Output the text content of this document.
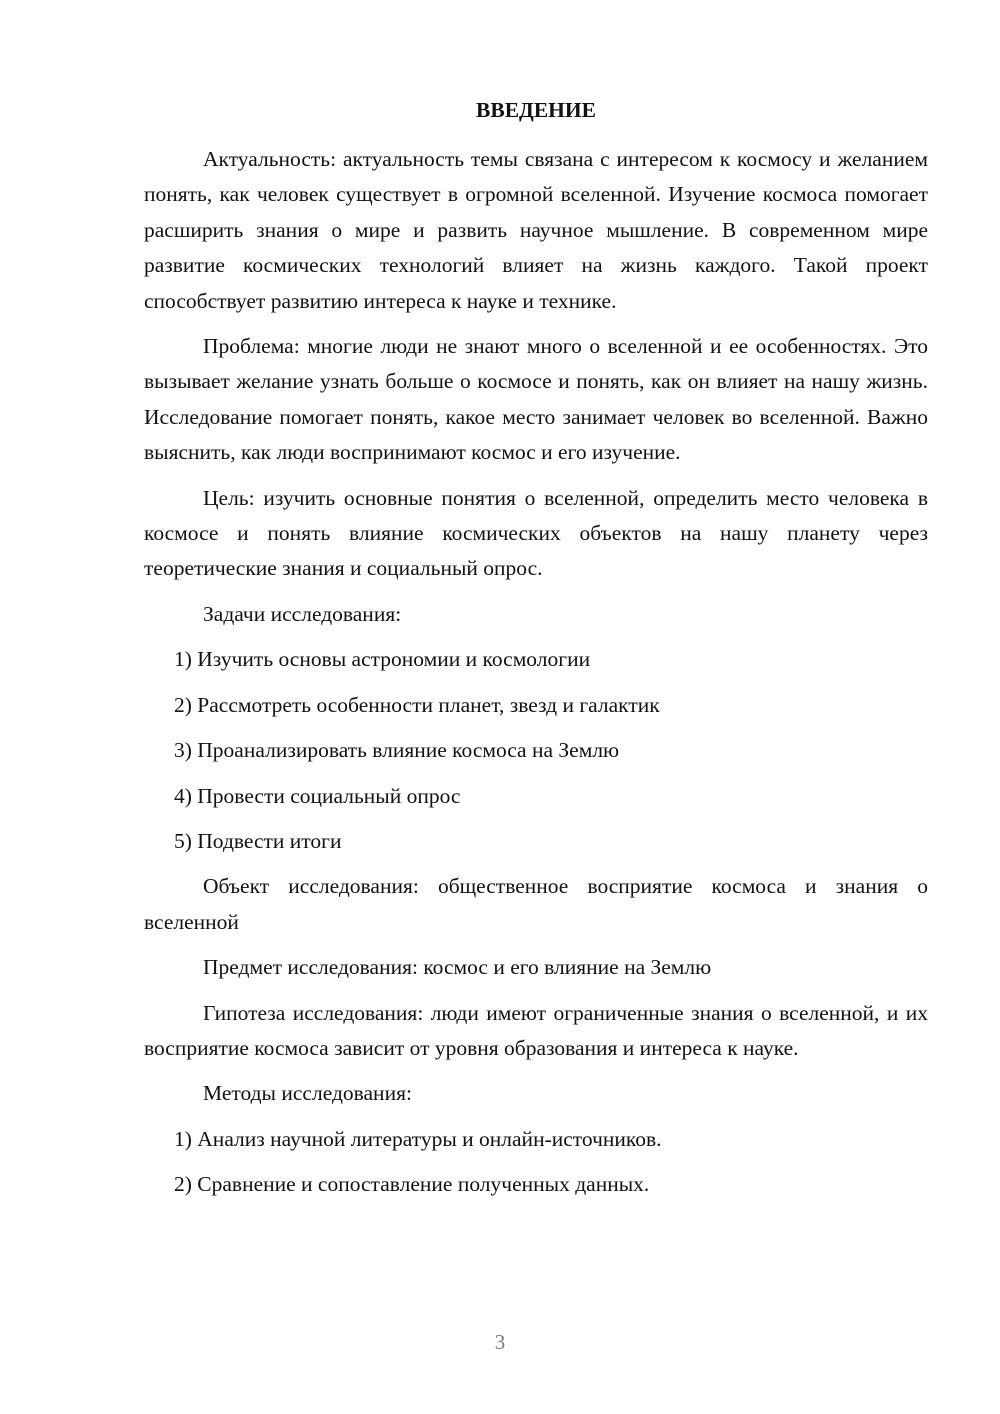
ВВЕДЕНИЕ

Актуальность: актуальность темы связана с интересом к космосу и желанием понять, как человек существует в огромной вселенной. Изучение космоса помогает расширить знания о мире и развить научное мышление. В современном мире развитие космических технологий влияет на жизнь каждого. Такой проект способствует развитию интереса к науке и технике.

Проблема: многие люди не знают много о вселенной и ее особенностях. Это вызывает желание узнать больше о космосе и понять, как он влияет на нашу жизнь. Исследование помогает понять, какое место занимает человек во вселенной. Важно выяснить, как люди воспринимают космос и его изучение.

Цель: изучить основные понятия о вселенной, определить место человека в космосе и понять влияние космических объектов на нашу планету через теоретические знания и социальный опрос.

Задачи исследования:

1) Изучить основы астрономии и космологии
2) Рассмотреть особенности планет, звезд и галактик
3) Проанализировать влияние космоса на Землю
4) Провести социальный опрос
5) Подвести итоги

Объект исследования: общественное восприятие космоса и знания о вселенной

Предмет исследования: космос и его влияние на Землю

Гипотеза исследования: люди имеют ограниченные знания о вселенной, и их восприятие космоса зависит от уровня образования и интереса к науке.

Методы исследования:

1) Анализ научной литературы и онлайн-источников.
2) Сравнение и сопоставление полученных данных.
3
